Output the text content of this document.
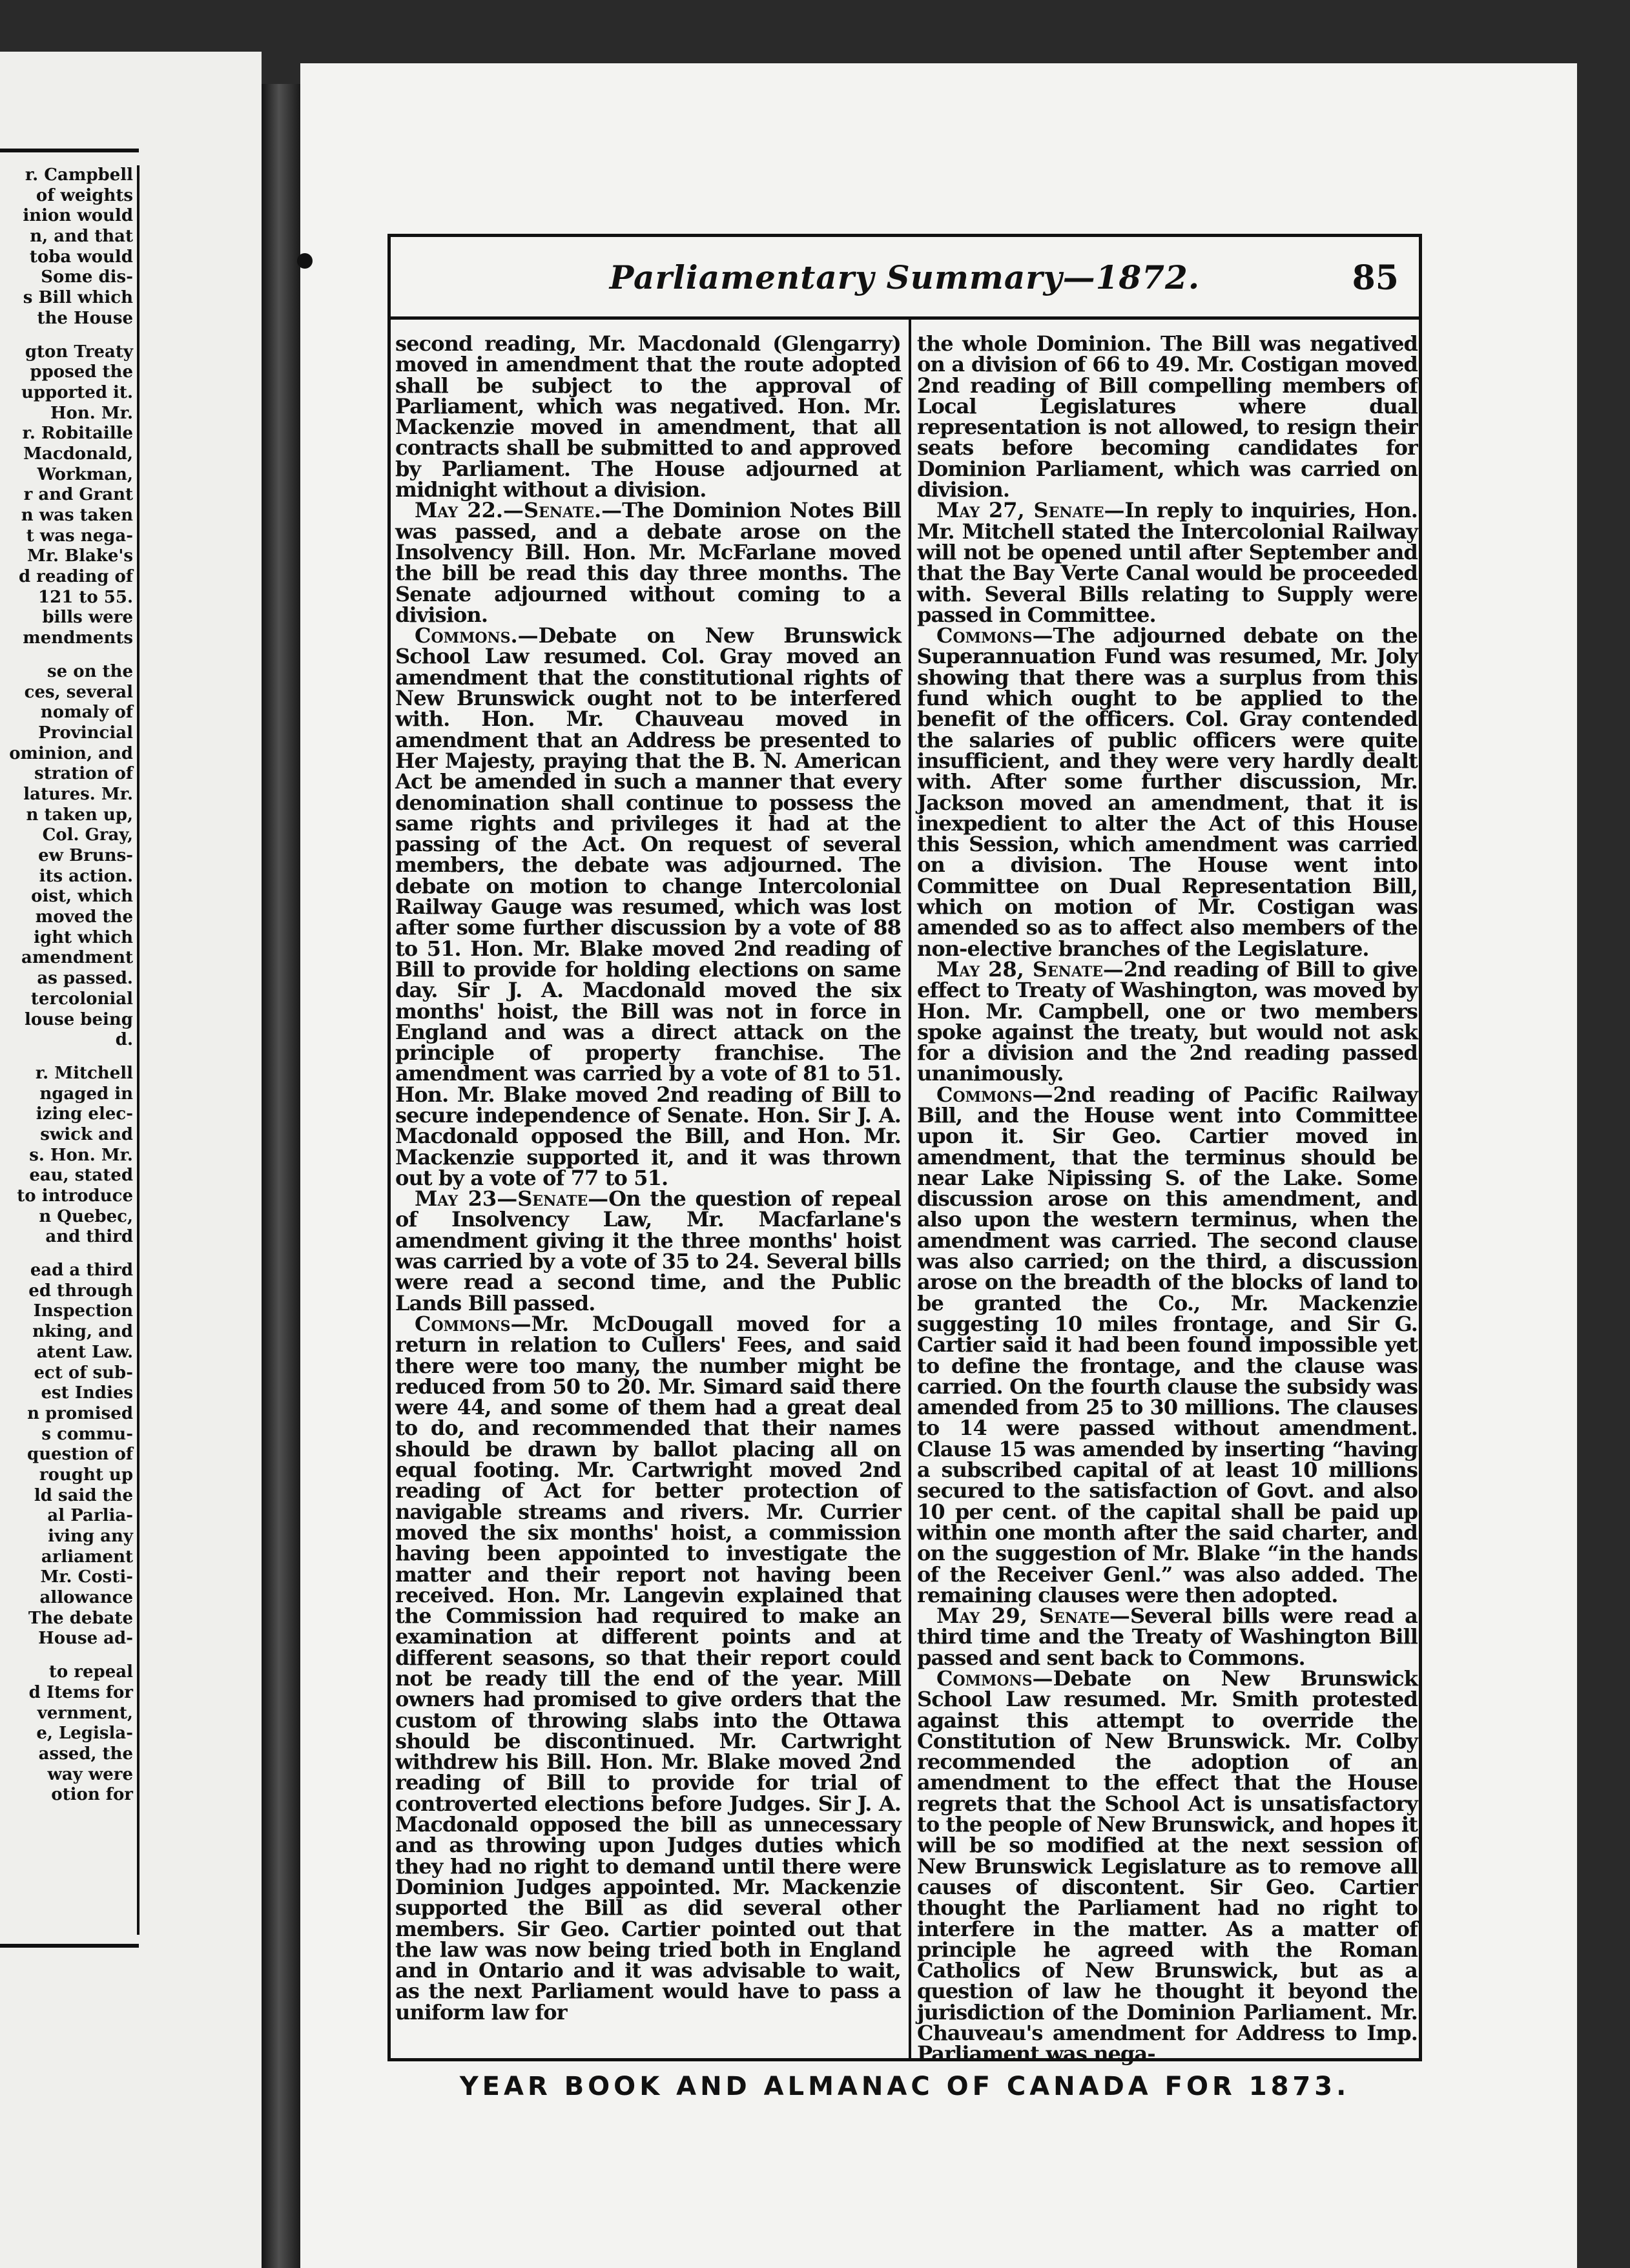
r. Campbell
of weights
inion would
n, and that
toba would
Some dis-
s Bill which
the House
gton Treaty
pposed the
upported it.
Hon. Mr.
r. Robitaille
Macdonald,
Workman,
r and Grant
n was taken
t was nega-
Mr. Blake's
d reading of
121 to 55.
bills were
mendments
se on the
ces, several
nomaly of
Provincial
ominion, and
stration of
latures. Mr.
n taken up,
Col. Gray,
ew Bruns-
its action.
oist, which
moved the
ight which
amendment
as passed.
tercolonial
louse being
d.
r. Mitchell
ngaged in
izing elec-
swick and
s. Hon. Mr.
eau, stated
to introduce
n Quebec,
and third
ead a third
ed through
Inspection
nking, and
atent Law.
ect of sub-
est Indies
n promised
s commu-
question of
rought up
ld said the
al Parlia-
iving any
arliament
Mr. Costi-
allowance
The debate
House ad-
to repeal
d Items for
vernment,
e, Legisla-
assed, the
way were
otion for
Parliamentary Summary—1872.	85

second reading, Mr. Macdonald (Glengarry) moved in amendment that the route adopted shall be subject to the approval of Parliament, which was negatived. Hon. Mr. Mackenzie moved in amendment, that all contracts shall be submitted to and approved by Parliament. The House adjourned at midnight without a division.

May 22.—Senate.—The Dominion Notes Bill was passed, and a debate arose on the Insolvency Bill. Hon. Mr. McFarlane moved the bill be read this day three months. The Senate adjourned without coming to a division.

Commons.—Debate on New Brunswick School Law resumed. Col. Gray moved an amendment that the constitutional rights of New Brunswick ought not to be interfered with. Hon. Mr. Chauveau moved in amendment that an Address be presented to Her Majesty, praying that the B. N. American Act be amended in such a manner that every denomination shall continue to possess the same rights and privileges it had at the passing of the Act. On request of several members, the debate was adjourned. The debate on motion to change Intercolonial Railway Gauge was resumed, which was lost after some further discussion by a vote of 88 to 51. Hon. Mr. Blake moved 2nd reading of Bill to provide for holding elections on same day. Sir J. A. Macdonald moved the six months' hoist, the Bill was not in force in England and was a direct attack on the principle of property franchise. The amendment was carried by a vote of 81 to 51. Hon. Mr. Blake moved 2nd reading of Bill to secure independence of Senate. Hon. Sir J. A. Macdonald opposed the Bill, and Hon. Mr. Mackenzie supported it, and it was thrown out by a vote of 77 to 51.

May 23—Senate—On the question of repeal of Insolvency Law, Mr. Macfarlane's amendment giving it the three months' hoist was carried by a vote of 35 to 24. Several bills were read a second time, and the Public Lands Bill passed.

Commons—Mr. McDougall moved for a return in relation to Cullers' Fees, and said there were too many, the number might be reduced from 50 to 20. Mr. Simard said there were 44, and some of them had a great deal to do, and recommended that their names should be drawn by ballot placing all on equal footing. Mr. Cartwright moved 2nd reading of Act for better protection of navigable streams and rivers. Mr. Currier moved the six months' hoist, a commission having been appointed to investigate the matter and their report not having been received. Hon. Mr. Langevin explained that the Commission had required to make an examination at different points and at different seasons, so that their report could not be ready till the end of the year. Mill owners had promised to give orders that the custom of throwing slabs into the Ottawa should be discontinued. Mr. Cartwright withdrew his Bill. Hon. Mr. Blake moved 2nd reading of Bill to provide for trial of controverted elections before Judges. Sir J. A. Macdonald opposed the bill as unnecessary and as throwing upon Judges duties which they had no right to demand until there were Dominion Judges appointed. Mr. Mackenzie supported the Bill as did several other members. Sir Geo. Cartier pointed out that the law was now being tried both in England and in Ontario and it was advisable to wait, as the next Parliament would have to pass a uniform law for

the whole Dominion. The Bill was negatived on a division of 66 to 49. Mr. Costigan moved 2nd reading of Bill compelling members of Local Legislatures where dual representation is not allowed, to resign their seats before becoming candidates for Dominion Parliament, which was carried on division.

May 27, Senate—In reply to inquiries, Hon. Mr. Mitchell stated the Intercolonial Railway will not be opened until after September and that the Bay Verte Canal would be proceeded with. Several Bills relating to Supply were passed in Committee.

Commons—The adjourned debate on the Superannuation Fund was resumed, Mr. Joly showing that there was a surplus from this fund which ought to be applied to the benefit of the officers. Col. Gray contended the salaries of public officers were quite insufficient, and they were very hardly dealt with. After some further discussion, Mr. Jackson moved an amendment, that it is inexpedient to alter the Act of this House this Session, which amendment was carried on a division. The House went into Committee on Dual Representation Bill, which on motion of Mr. Costigan was amended so as to affect also members of the non-elective branches of the Legislature.

May 28, Senate—2nd reading of Bill to give effect to Treaty of Washington, was moved by Hon. Mr. Campbell, one or two members spoke against the treaty, but would not ask for a division and the 2nd reading passed unanimously.

Commons—2nd reading of Pacific Railway Bill, and the House went into Committee upon it. Sir Geo. Cartier moved in amendment, that the terminus should be near Lake Nipissing S. of the Lake. Some discussion arose on this amendment, and also upon the western terminus, when the amendment was carried. The second clause was also carried; on the third, a discussion arose on the breadth of the blocks of land to be granted the Co., Mr. Mackenzie suggesting 10 miles frontage, and Sir G. Cartier said it had been found impossible yet to define the frontage, and the clause was carried. On the fourth clause the subsidy was amended from 25 to 30 millions. The clauses to 14 were passed without amendment. Clause 15 was amended by inserting “having a subscribed capital of at least 10 millions secured to the satisfaction of Govt. and also 10 per cent. of the capital shall be paid up within one month after the said charter, and on the suggestion of Mr. Blake “in the hands of the Receiver Genl.” was also added. The remaining clauses were then adopted.

May 29, Senate—Several bills were read a third time and the Treaty of Washington Bill passed and sent back to Commons.

Commons—Debate on New Brunswick School Law resumed. Mr. Smith protested against this attempt to override the Constitution of New Brunswick. Mr. Colby recommended the adoption of an amendment to the effect that the House regrets that the School Act is unsatisfactory to the people of New Brunswick, and hopes it will be so modified at the next session of New Brunswick Legislature as to remove all causes of discontent. Sir Geo. Cartier thought the Parliament had no right to interfere in the matter. As a matter of principle he agreed with the Roman Catholics of New Brunswick, but as a question of law he thought it beyond the jurisdiction of the Dominion Parliament. Mr. Chauveau's amendment for Address to Imp. Parliament was nega-

YEAR BOOK AND ALMANAC OF CANADA FOR 1873.
